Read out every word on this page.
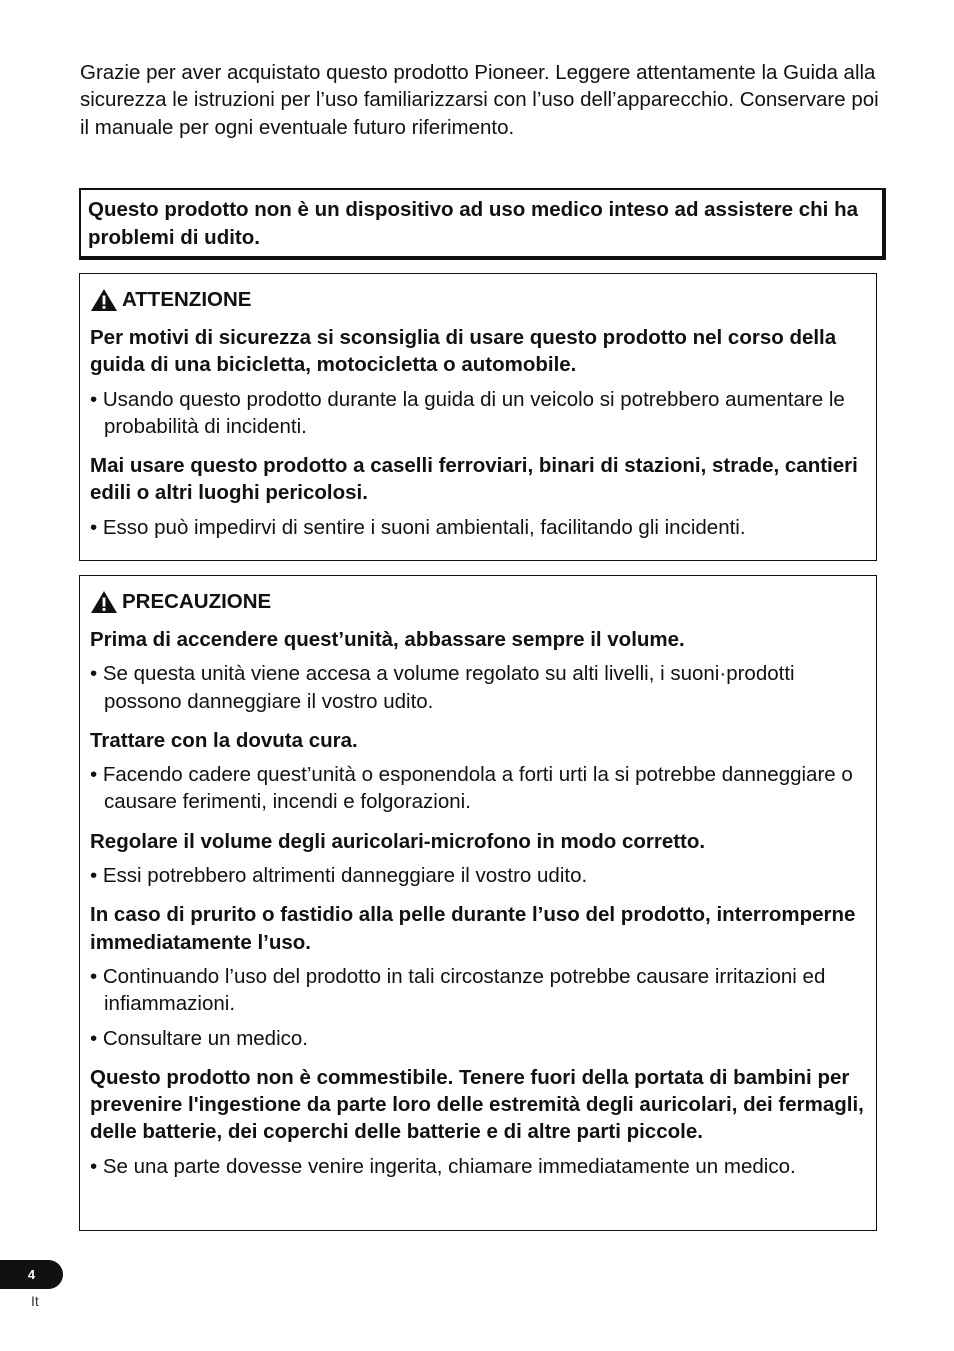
Grazie per aver acquistato questo prodotto Pioneer. Leggere attentamente la Guida alla sicurezza le istruzioni per l’uso familiarizzarsi con l’uso dell’apparecchio. Conservare poi il manuale per ogni eventuale futuro riferimento.

Questo prodotto non è un dispositivo ad uso medico inteso ad assistere chi ha problemi di udito.
ATTENZIONE

Per motivi di sicurezza si sconsiglia di usare questo prodotto nel corso della guida di una bicicletta, motocicletta o automobile.

• Usando questo prodotto durante la guida di un veicolo si potrebbero aumentare le probabilità di incidenti.

Mai usare questo prodotto a caselli ferroviari, binari di stazioni, strade, cantieri edili o altri luoghi pericolosi.

• Esso può impedirvi di sentire i suoni ambientali, facilitando gli incidenti.

PRECAUZIONE

Prima di accendere quest’unità, abbassare sempre il volume.

• Se questa unità viene accesa a volume regolato su alti livelli, i suoni·prodotti possono danneggiare il vostro udito.

Trattare con la dovuta cura.

• Facendo cadere quest’unità o esponendola a forti urti la si potrebbe danneggiare o causare ferimenti, incendi e folgorazioni.

Regolare il volume degli auricolari-microfono in modo corretto.

• Essi potrebbero altrimenti danneggiare il vostro udito.

In caso di prurito o fastidio alla pelle durante l’uso del prodotto, interromperne immediatamente l’uso.

• Continuando l’uso del prodotto in tali circostanze potrebbe causare irritazioni ed infiammazioni.

• Consultare un medico.

Questo prodotto non è commestibile. Tenere fuori della portata di bambini per prevenire l'ingestione da parte loro delle estremità degli auricolari, dei fermagli, delle batterie, dei coperchi delle batterie e di altre parti piccole.

• Se una parte dovesse venire ingerita, chiamare immediatamente un medico.

4
It
